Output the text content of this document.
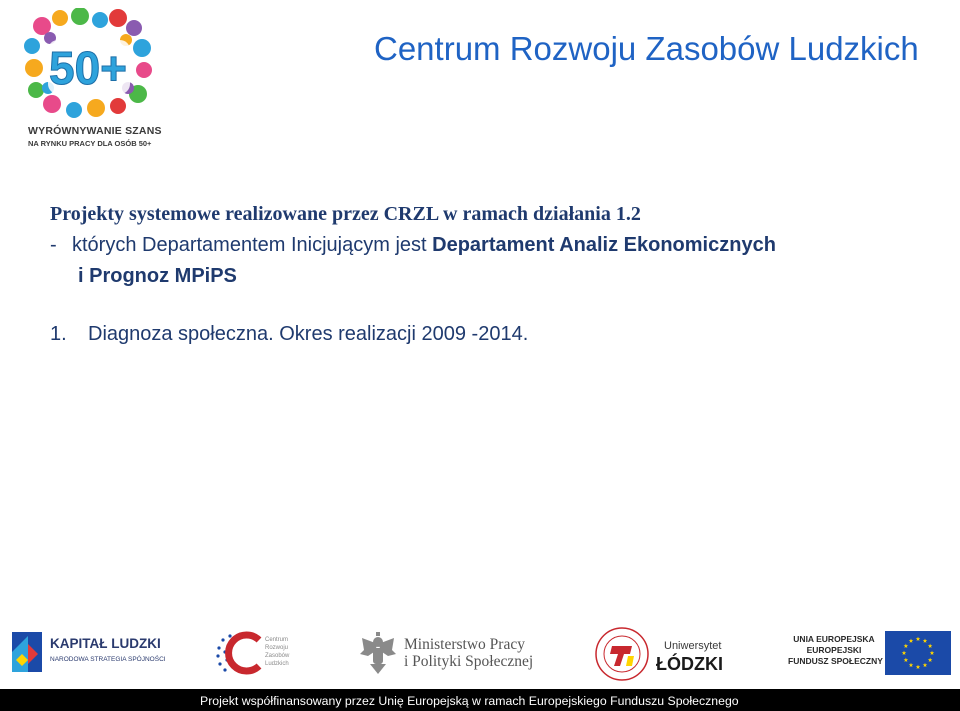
50+
WYRÓWNYWANIE SZANS
NA RYNKU PRACY DLA OSÓB 50+
Centrum Rozwoju Zasobów Ludzkich
Projekty systemowe realizowane przez CRZL w ramach działania 1.2
- których Departamentem Inicjującym jest Departament Analiz Ekonomicznych
i Prognoz MPiPS
1. Diagnoza społeczna. Okres realizacji 2009 -2014.
KAPITAŁ LUDZKI
NARODOWA STRATEGIA SPÓJNOŚCI
Centrum
Rozwoju
Zasobów
Ludzkich
Ministerstwo Pracy
i Polityki Społecznej
Uniwersytet
ŁÓDZKI
UNIA EUROPEJSKA
EUROPEJSKI
FUNDUSZ SPOŁECZNY
Projekt współfinansowany przez Unię Europejską w ramach Europejskiego Funduszu Społecznego
